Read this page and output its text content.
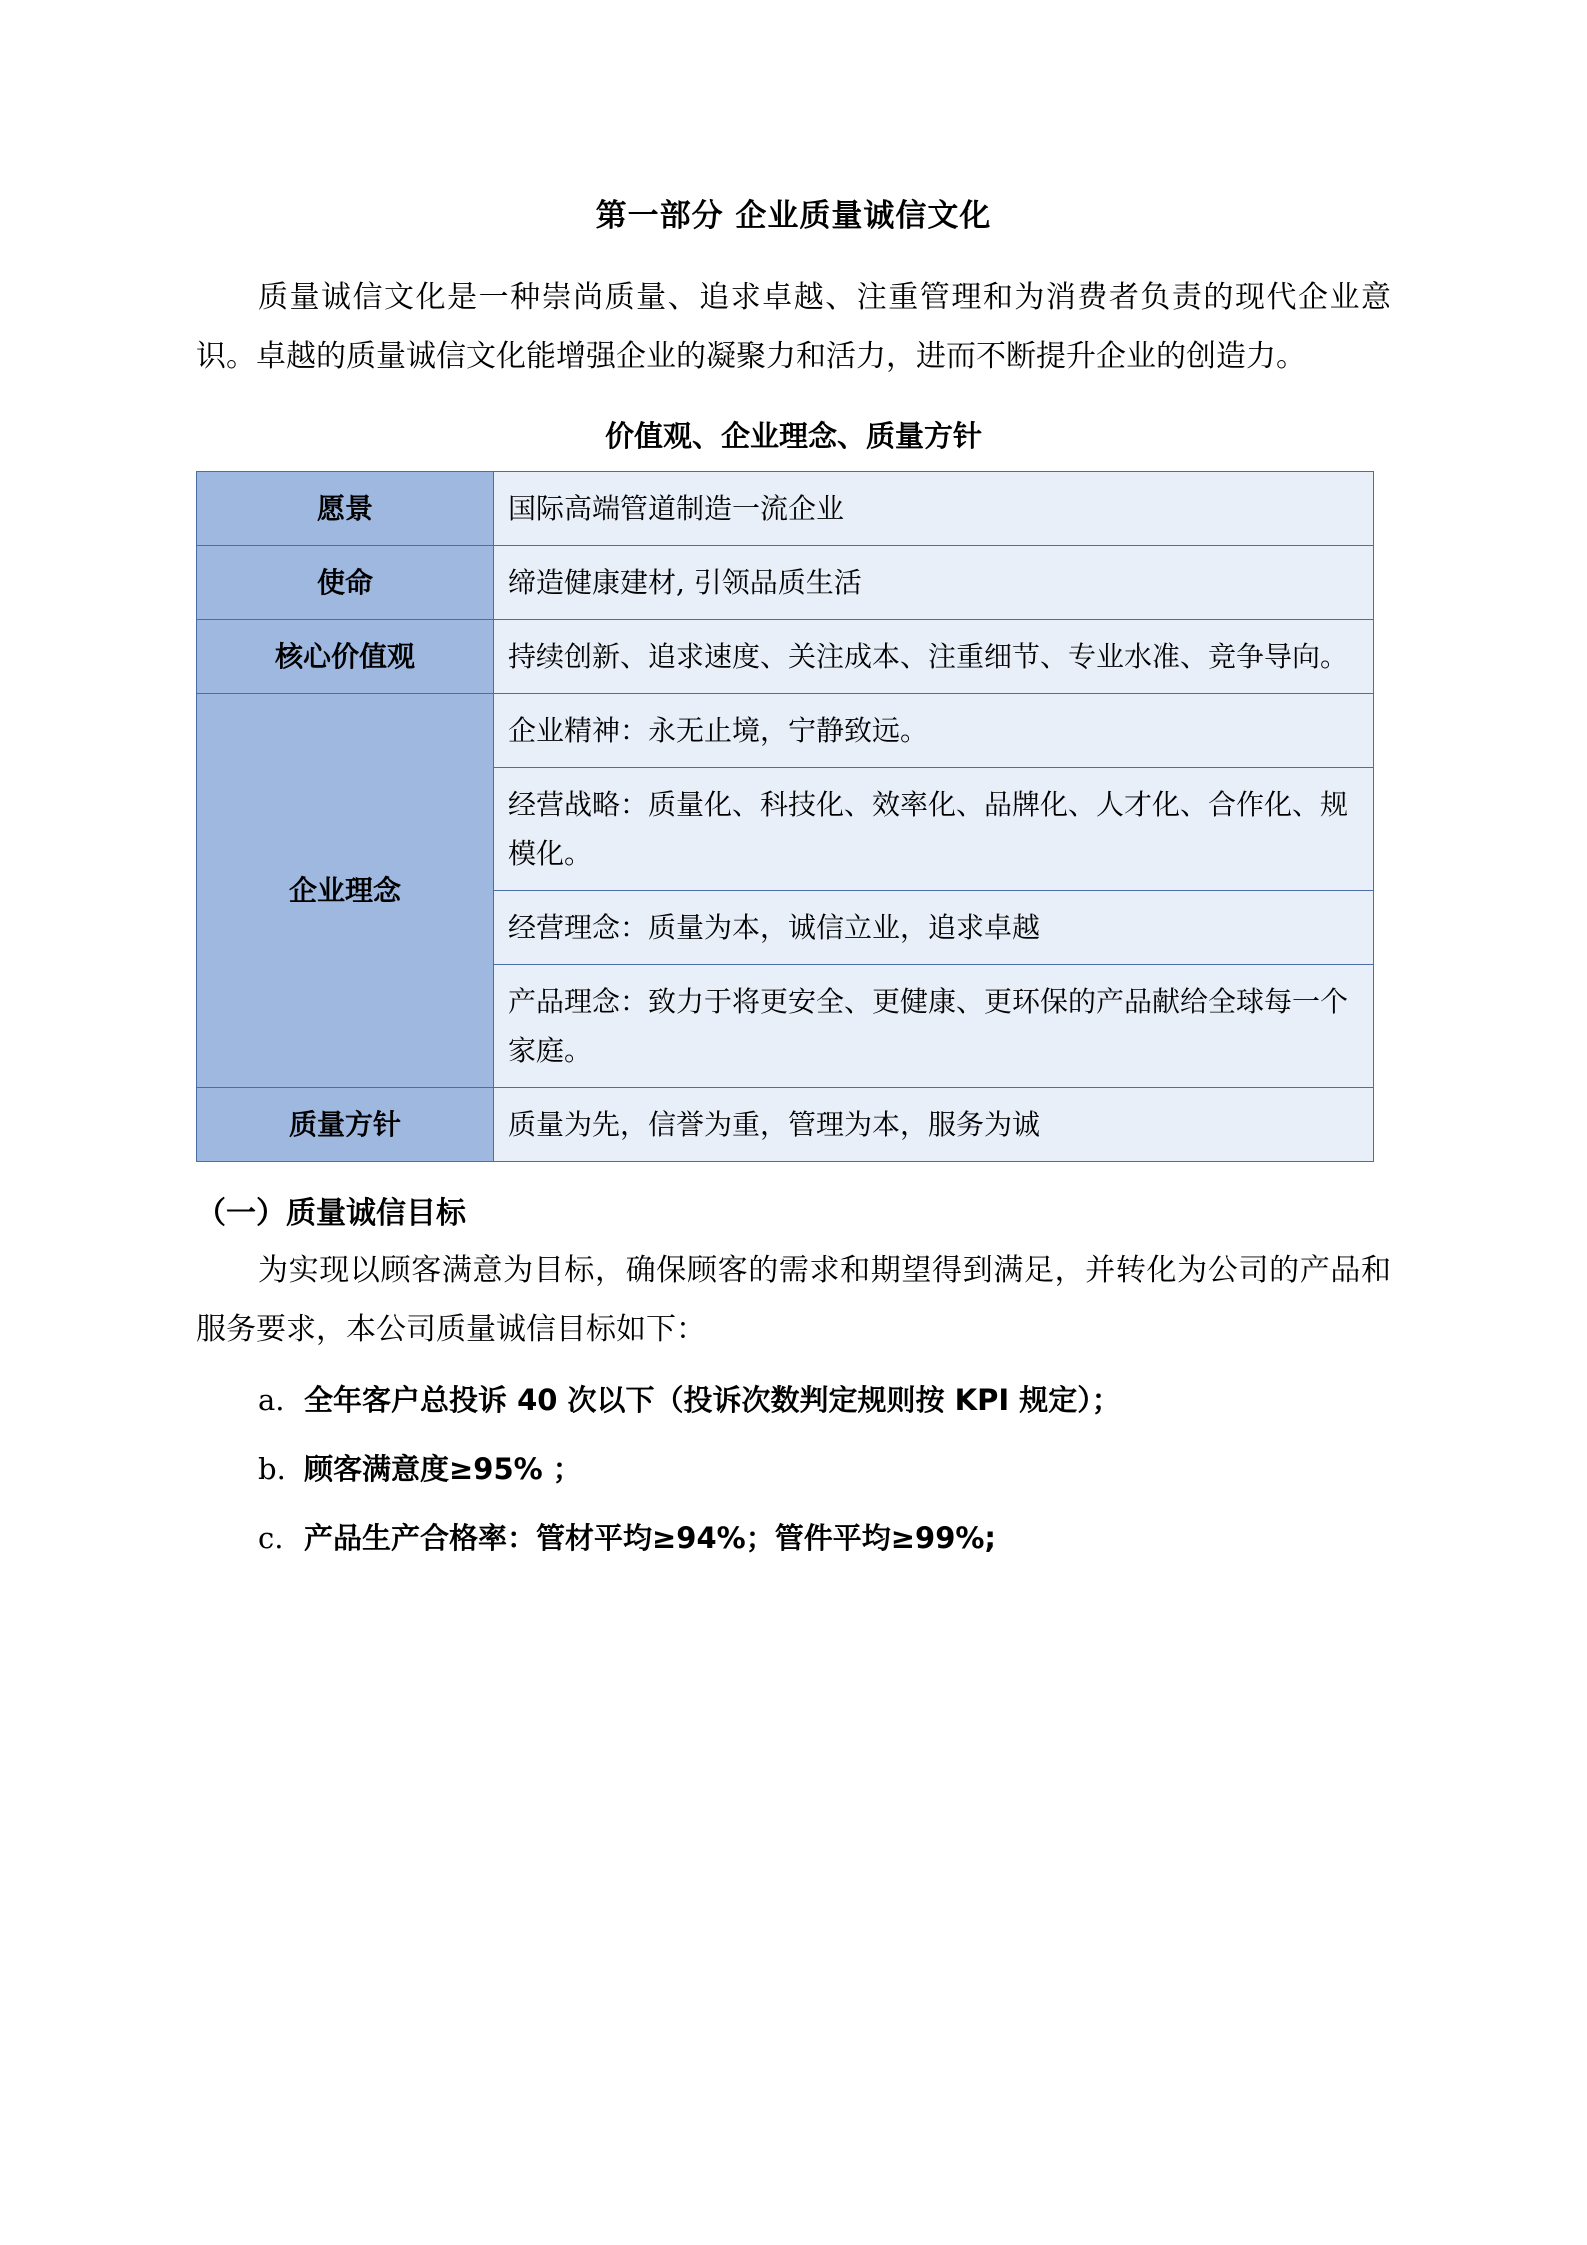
第一部分 企业质量诚信文化

质量诚信文化是一种崇尚质量、追求卓越、注重管理和为消费者负责的现代企业意识。卓越的质量诚信文化能增强企业的凝聚力和活力，进而不断提升企业的创造力。

价值观、企业理念、质量方针
愿景	国际高端管道制造一流企业
使命	缔造健康建材, 引领品质生活
核心价值观	持续创新、追求速度、关注成本、注重细节、专业水准、竞争导向。
企业理念	企业精神：永无止境，宁静致远。
	经营战略：质量化、科技化、效率化、品牌化、人才化、合作化、规模化。
	经营理念：质量为本，诚信立业，追求卓越
	产品理念：致力于将更安全、更健康、更环保的产品献给全球每一个家庭。
质量方针	质量为先，信誉为重，管理为本，服务为诚
（一）质量诚信目标

为实现以顾客满意为目标，确保顾客的需求和期望得到满足，并转化为公司的产品和服务要求，本公司质量诚信目标如下：

a. 全年客户总投诉 40 次以下（投诉次数判定规则按 KPI 规定）；
b. 顾客满意度≥95% ；
c. 产品生产合格率：管材平均≥94%；管件平均≥99%;
